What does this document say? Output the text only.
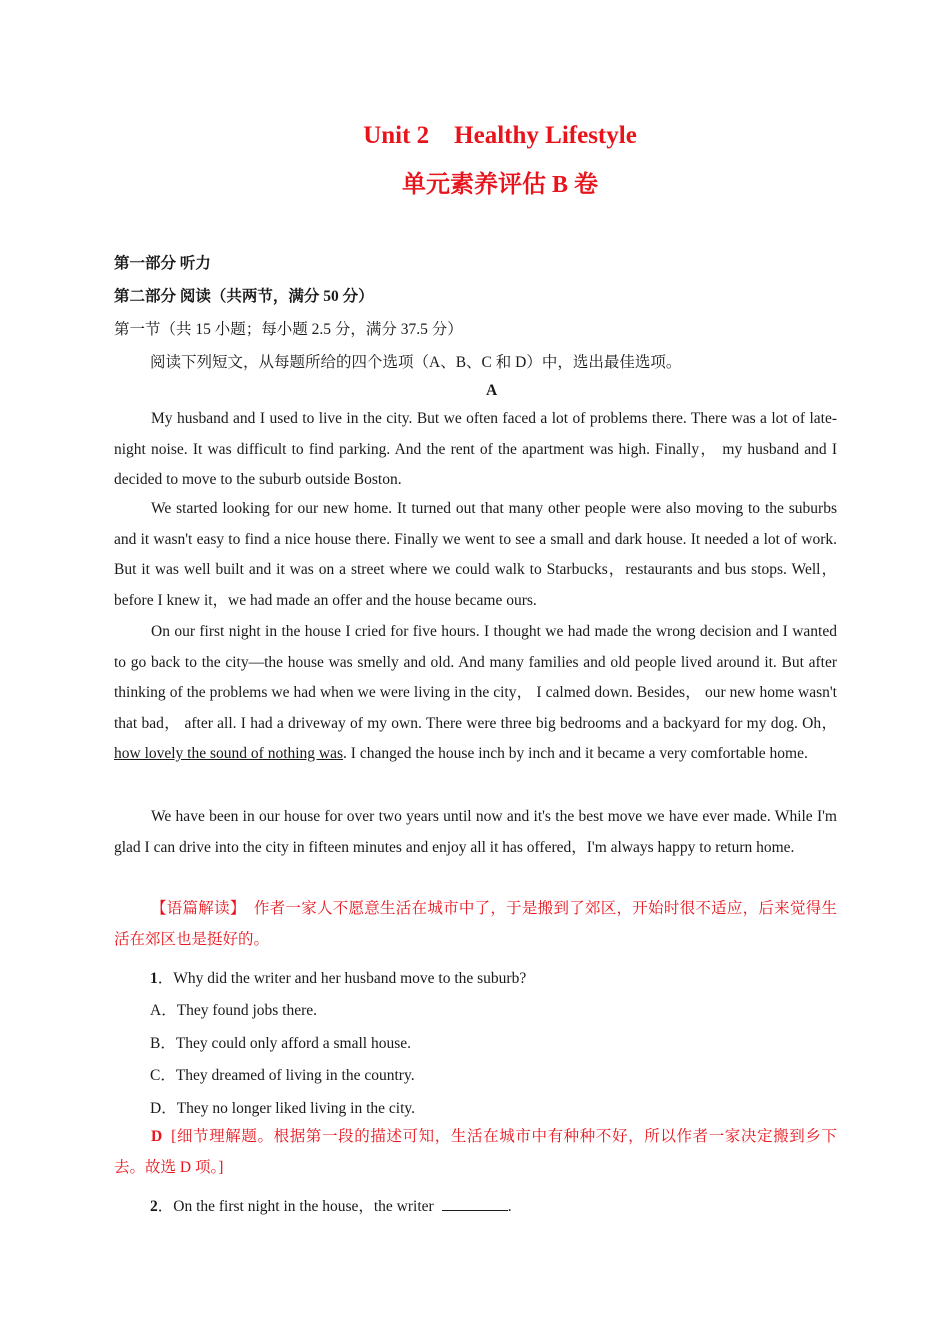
Unit 2    Healthy Lifestyle
单元素养评估 B 卷
第一部分 听力
第二部分 阅读（共两节，满分 50 分）
第一节（共 15 小题；每小题 2.5 分，满分 37.5 分）
阅读下列短文，从每题所给的四个选项（A、B、C 和 D）中，选出最佳选项。
A
My husband and I used to live in the city. But we often faced a lot of problems there. There was a lot of late-night noise. It was difficult to find parking. And the rent of the apartment was high. Finally， my husband and I decided to move to the suburb outside Boston.
We started looking for our new home. It turned out that many other people were also moving to the suburbs and it wasn't easy to find a nice house there. Finally we went to see a small and dark house. It needed a lot of work. But it was well built and it was on a street where we could walk to Starbucks，restaurants and bus stops. Well，before I knew it，we had made an offer and the house became ours.
On our first night in the house I cried for five hours. I thought we had made the wrong decision and I wanted to go back to the city—the house was smelly and old. And many families and old people lived around it. But after thinking of the problems we had when we were living in the city， I calmed down. Besides， our new home wasn't that bad， after all. I had a driveway of my own. There were three big bedrooms and a backyard for my dog. Oh，how lovely the sound of nothing was. I changed the house inch by inch and it became a very comfortable home.
We have been in our house for over two years until now and it's the best move we have ever made. While I'm glad I can drive into the city in fifteen minutes and enjoy all it has offered，I'm always happy to return home.
【语篇解读】  作者一家人不愿意生活在城市中了，于是搬到了郊区，开始时很不适应，后来觉得生活在郊区也是挺好的。
1．Why did the writer and her husband move to the suburb?
A．They found jobs there.
B．They could only afford a small house.
C．They dreamed of living in the country.
D．They no longer liked living in the city.
D  [细节理解题。根据第一段的描述可知，生活在城市中有种种不好，所以作者一家决定搬到乡下去。故选 D 项。]
2．On the first night in the house，the writer	.
